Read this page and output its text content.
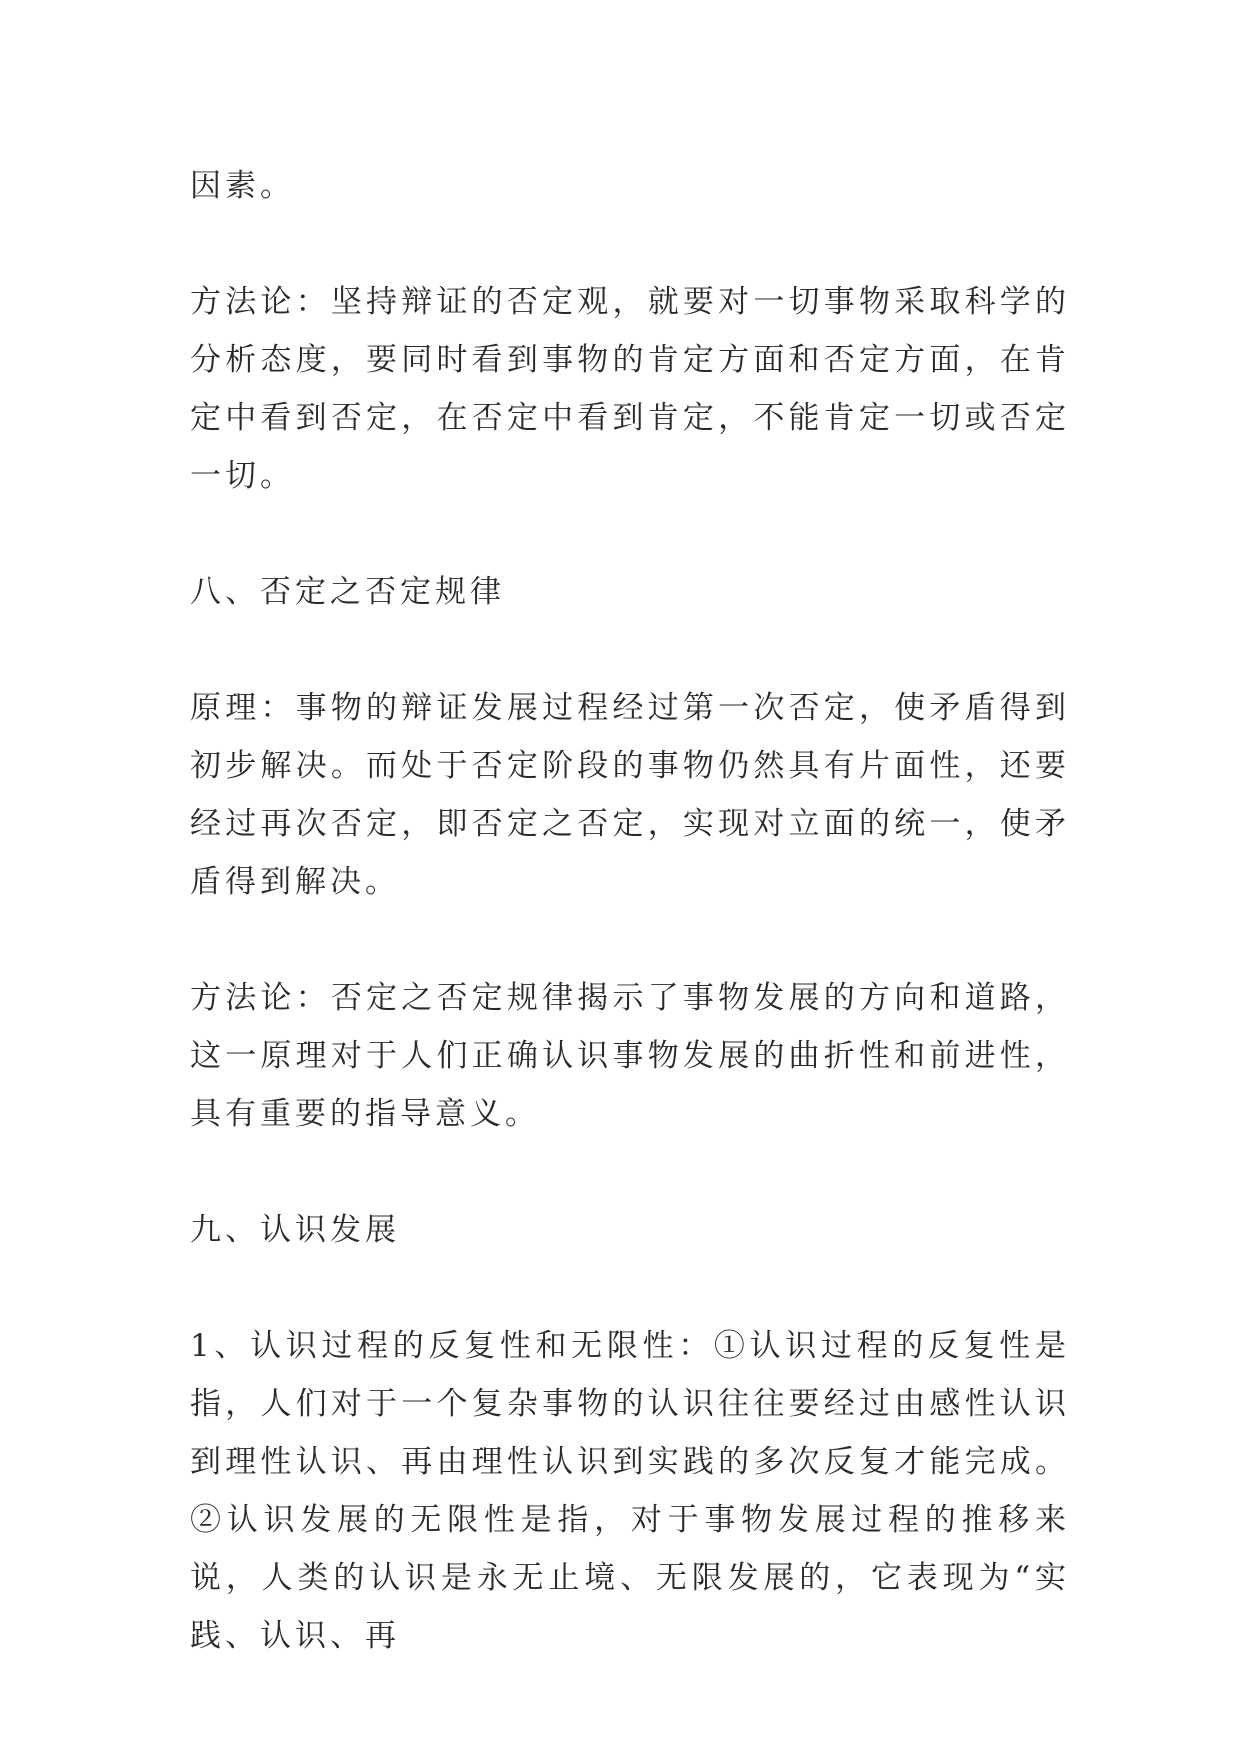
因素。

方法论：坚持辩证的否定观，就要对一切事物采取科学的分析态度，要同时看到事物的肯定方面和否定方面，在肯定中看到否定，在否定中看到肯定，不能肯定一切或否定一切。

八、否定之否定规律

原理：事物的辩证发展过程经过第一次否定，使矛盾得到初步解决。而处于否定阶段的事物仍然具有片面性，还要经过再次否定，即否定之否定，实现对立面的统一，使矛盾得到解决。

方法论：否定之否定规律揭示了事物发展的方向和道路，这一原理对于人们正确认识事物发展的曲折性和前进性，具有重要的指导意义。

九、认识发展

1、认识过程的反复性和无限性：①认识过程的反复性是指，人们对于一个复杂事物的认识往往要经过由感性认识到理性认识、再由理性认识到实践的多次反复才能完成。②认识发展的无限性是指，对于事物发展过程的推移来说，人类的认识是永无止境、无限发展的，它表现为“实践、认识、再
